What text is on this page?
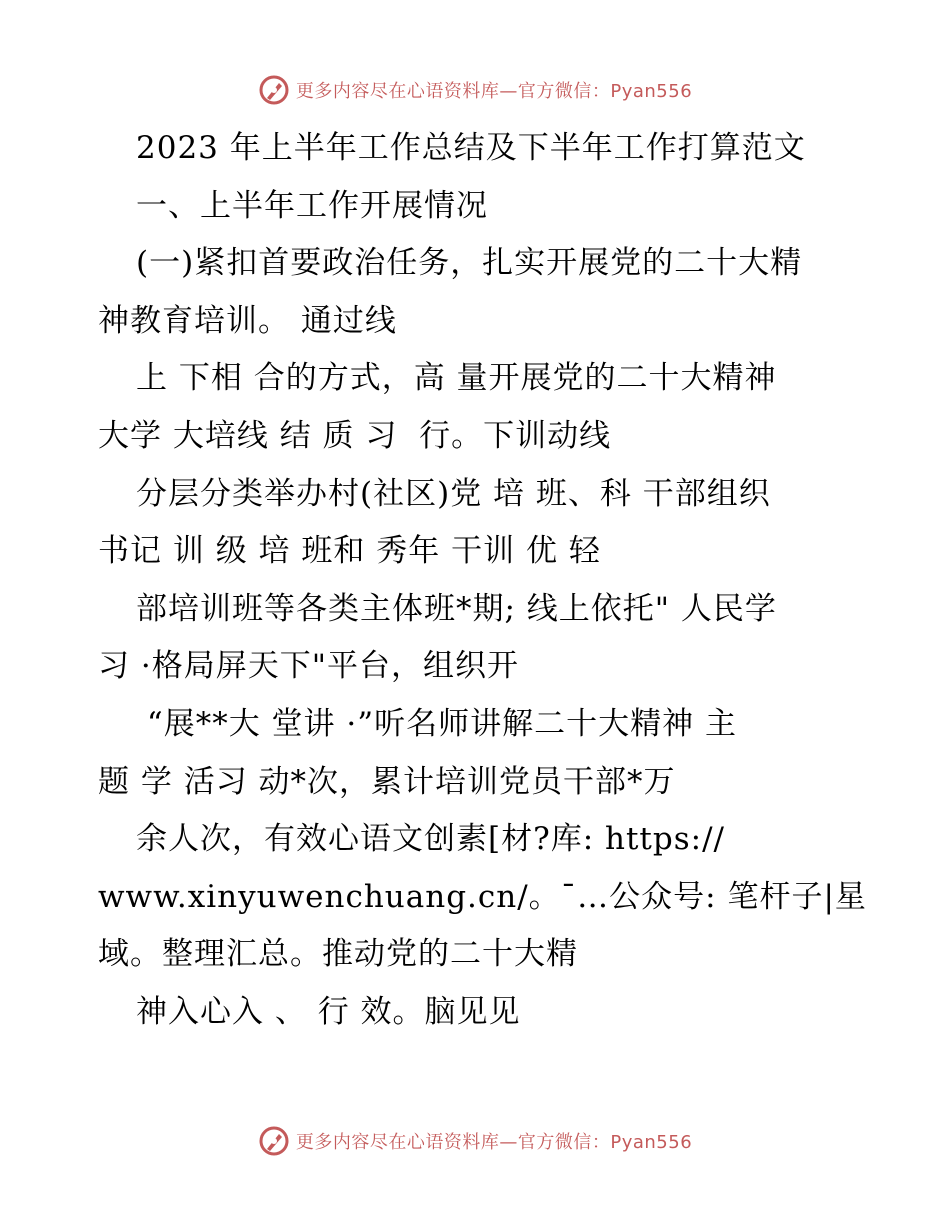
更多内容尽在心语资料库—官方微信：Pyan556
2023 年上半年工作总结及下半年工作打算范文
一、上半年工作开展情况
(一)紧扣首要政治任务，扎实开展党的二十大精
神教育培训。 通过线
上 下相 合的方式，高 量开展党的二十大精神
大学 大培线 结 质 习  行。下训动线
分层分类举办村(社区)党 培 班、科 干部组织
书记 训 级 培 班和 秀年 干训 优 轻
部培训班等各类主体班*期; 线上依托" 人民学
习 ·格局屏天下"平台，组织开
“展**大 堂讲 ·”听名师讲解二十大精神 主
题 学 活习 动*次，累计培训党员干部*万
余人次，有效心语文创素[材?库: https://
www.xinyuwenchuang.cn/。¯…公众号: 笔杆子|星
域。整理汇总。推动党的二十大精
神入心入 、 行 效。脑见见
更多内容尽在心语资料库—官方微信：Pyan556
